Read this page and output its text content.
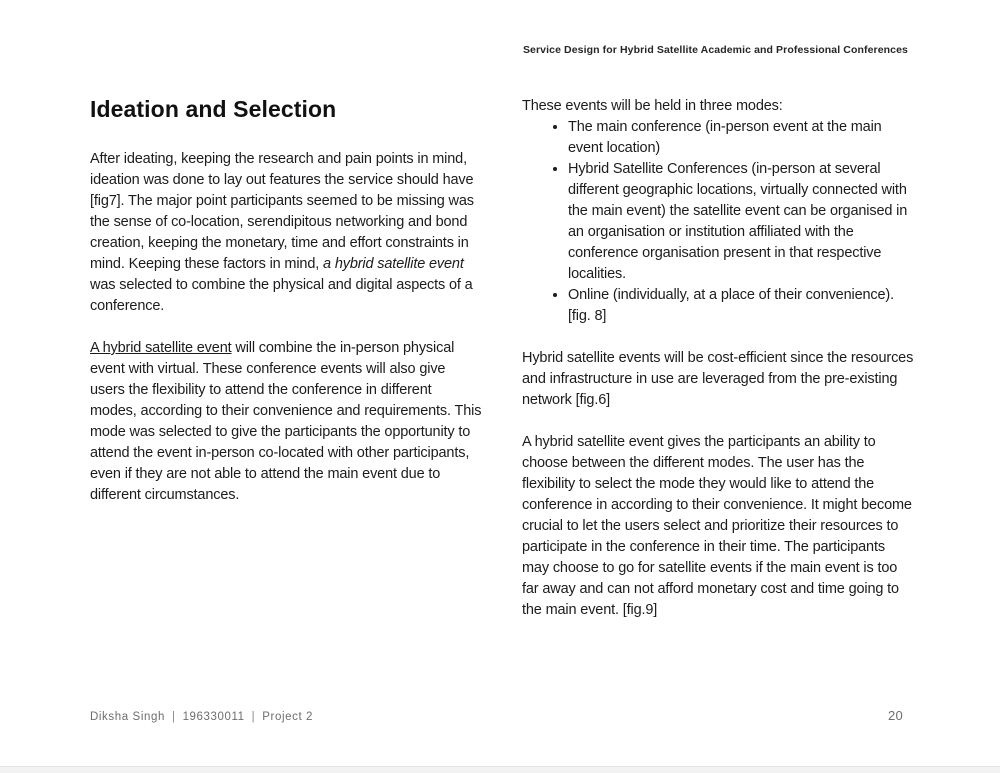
Service Design for Hybrid Satellite Academic and Professional Conferences
Ideation and Selection

After ideating, keeping the research and pain points in mind, ideation was done to lay out features the service should have [fig7]. The major point participants seemed to be missing was the sense of co-location, serendipitous networking and bond creation, keeping the monetary, time and effort constraints in mind. Keeping these factors in mind, a hybrid satellite event was selected to combine the physical and digital aspects of a conference.

A hybrid satellite event will combine the in-person physical event with virtual. These conference events will also give users the flexibility to attend the conference in different modes, according to their convenience and requirements. This mode was selected to give the participants the opportunity to attend the event in-person co-located with other participants, even if they are not able to attend the main event due to different circumstances.

These events will be held in three modes:

• The main conference (in-person event at the main event location)
• Hybrid Satellite Conferences (in-person at several different geographic locations, virtually connected with the main event) the satellite event can be organised in an organisation or institution affiliated with the conference organisation present in that respective localities.
• Online (individually, at a place of their convenience). [fig. 8]

Hybrid satellite events will be cost-efficient since the resources and infrastructure in use are leveraged from the pre-existing network [fig.6]

A hybrid satellite event gives the participants an ability to choose between the different modes. The user has the flexibility to select the mode they would like to attend the conference in according to their convenience. It might become crucial to let the users select and prioritize their resources to participate in the conference in their time. The participants may choose to go for satellite events if the main event is too far away and can not afford monetary cost and time going to the main event. [fig.9]

Diksha Singh | 196330011 | Project 2	20
